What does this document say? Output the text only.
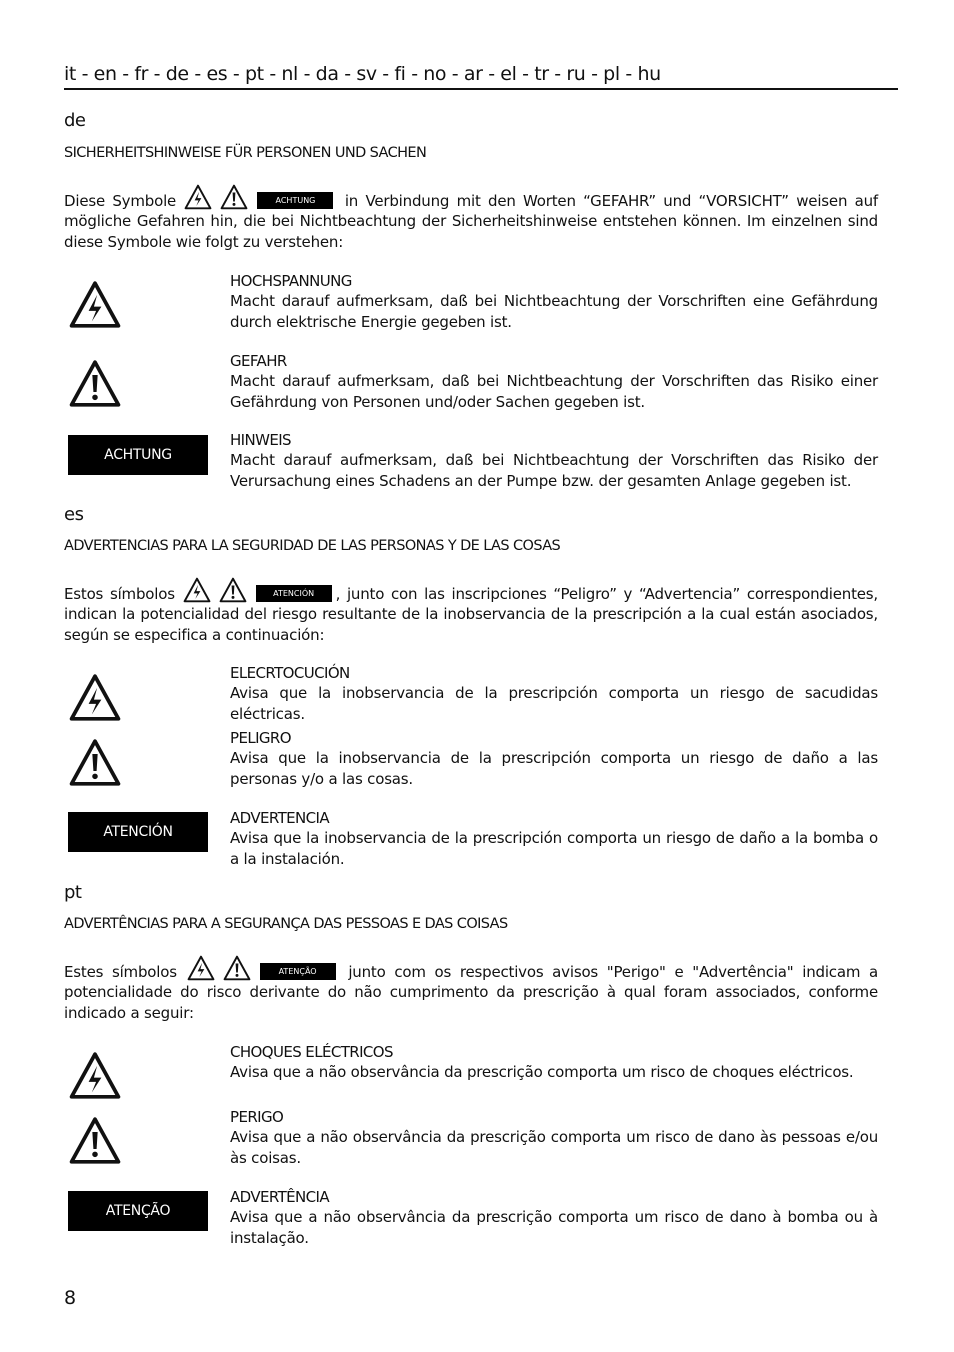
it - en - fr - de - es - pt - nl - da - sv - fi - no - ar - el - tr - ru - pl - hu
de
SICHERHEITSHINWEISE FÜR PERSONEN UND SACHEN
Diese Symbole	ACHTUNG in Verbindung mit den Worten “GEFAHR” und “VORSICHT” weisen auf mögliche Gefahren hin, die bei Nichtbeachtung der Sicherheitshinweise entstehen können. Im einzelnen sind diese Symbole wie folgt zu verstehen:
HOCHSPANNUNG
Macht darauf aufmerksam, daß bei Nichtbeachtung der Vorschriften eine Gefährdung durch elektrische Energie gegeben ist.
GEFAHR
Macht darauf aufmerksam, daß bei Nichtbeachtung der Vorschriften das Risiko einer Gefährdung von Personen und/oder Sachen gegeben ist.
ACHTUNG
HINWEIS
Macht darauf aufmerksam, daß bei Nichtbeachtung der Vorschriften das Risiko der Verursachung eines Schadens an der Pumpe bzw. der gesamten Anlage gegeben ist.
es
ADVERTENCIAS PARA LA SEGURIDAD DE LAS PERSONAS Y DE LAS COSAS
Estos símbolos	ATENCIÓN , junto con las inscripciones “Peligro” y “Advertencia” correspondientes, indican la potencialidad del riesgo resultante de la inobservancia de la prescripción a la cual están asociados, según se especifica a continuación:
ELECRTOCUCIÓN
Avisa que la inobservancia de la prescripción comporta un riesgo de sacudidas eléctricas.
PELIGRO
Avisa que la inobservancia de la prescripción comporta un riesgo de daño a las personas y/o a las cosas.
ATENCIÓN
ADVERTENCIA
Avisa que la inobservancia de la prescripción comporta un riesgo de daño a la bomba o a la instalación.
pt
ADVERTÊNCIAS PARA A SEGURANÇA DAS PESSOAS E DAS COISAS
Estes símbolos	ATENÇÃO junto com os respectivos avisos "Perigo" e "Advertência" indicam a potencialidade do risco derivante do não cumprimento da prescrição à qual foram associados, conforme indicado a seguir:
CHOQUES ELÉCTRICOS
Avisa que a não observância da prescrição comporta um risco de choques eléctricos.
PERIGO
Avisa que a não observância da prescrição comporta um risco de dano às pessoas e/ou às coisas.
ATENÇÃO
ADVERTÊNCIA
Avisa que a não observância da prescrição comporta um risco de dano à bomba ou à instalação.
8
